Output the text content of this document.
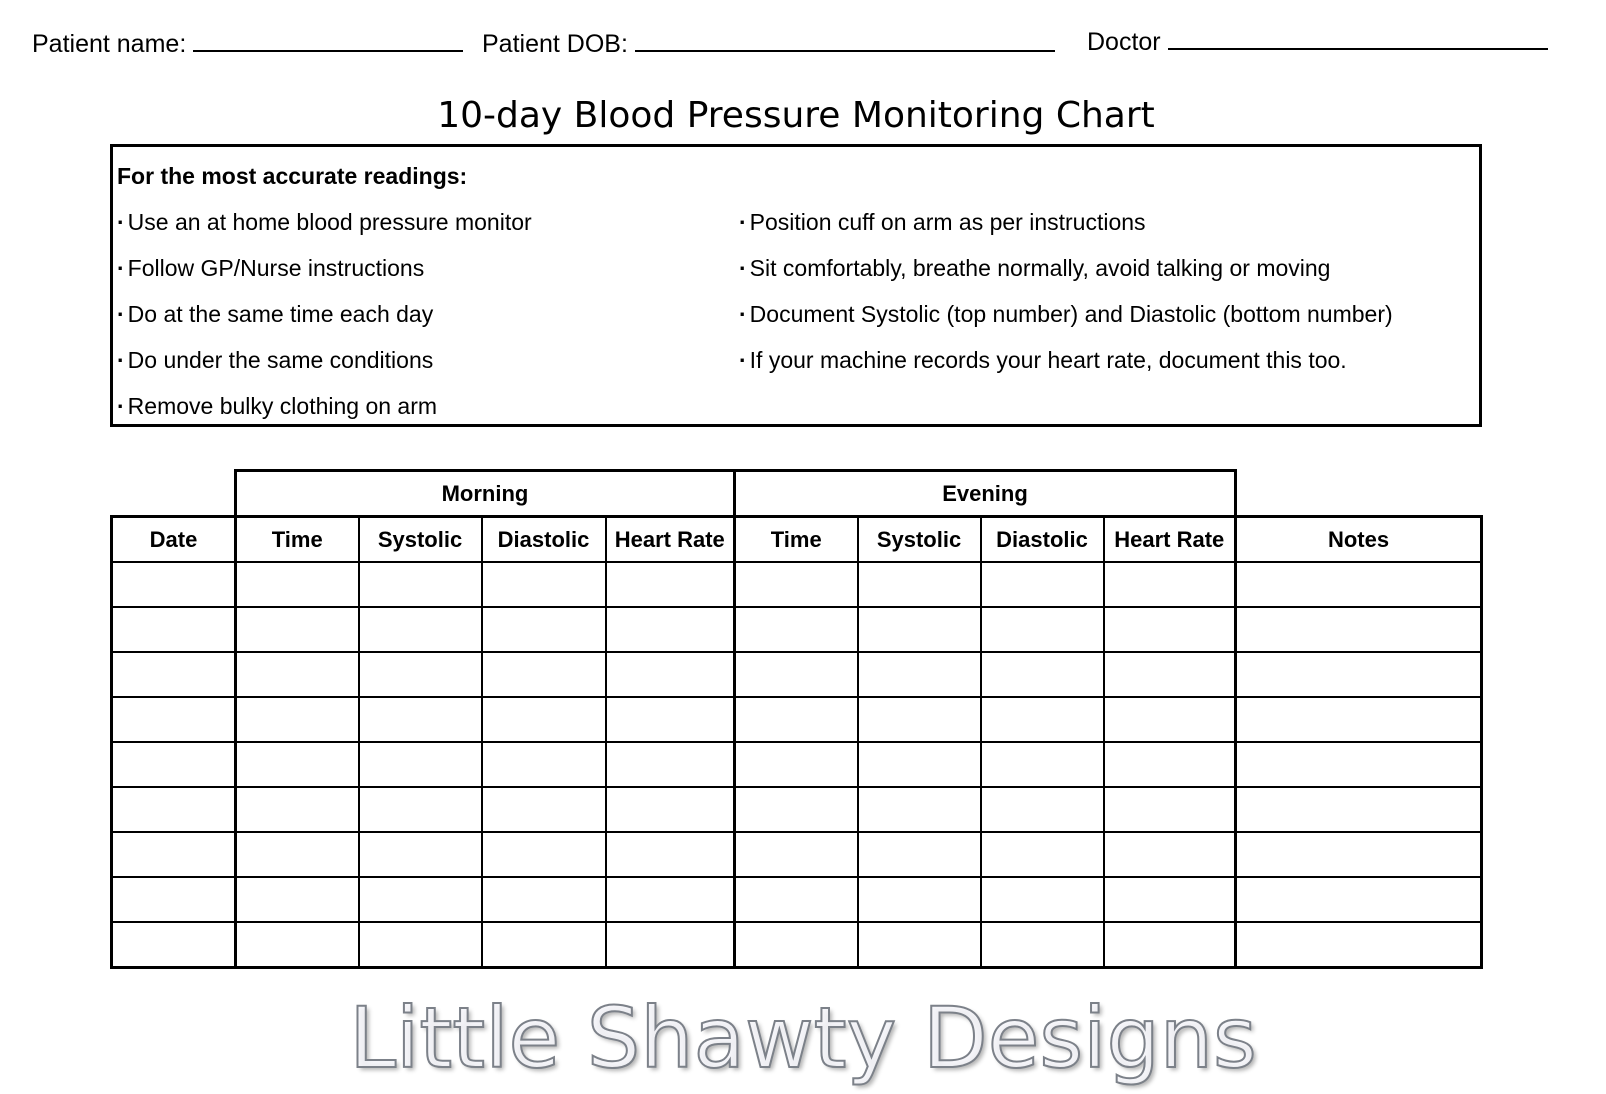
Patient name:	Patient DOB:	Doctor
10-day Blood Pressure Monitoring Chart
For the most accurate readings:
· Use an at home blood pressure monitor
· Follow GP/Nurse instructions
· Do at the same time each day
· Do under the same conditions
· Remove bulky clothing on arm
· Position cuff on arm as per instructions
· Sit comfortably, breathe normally, avoid talking or moving
· Document Systolic (top number) and Diastolic (bottom number)
· If your machine records your heart rate, document this too.
	Morning				Evening				
Date	Time	Systolic	Diastolic	Heart Rate	Time	Systolic	Diastolic	Heart Rate	Notes

Little Shawty Designs
